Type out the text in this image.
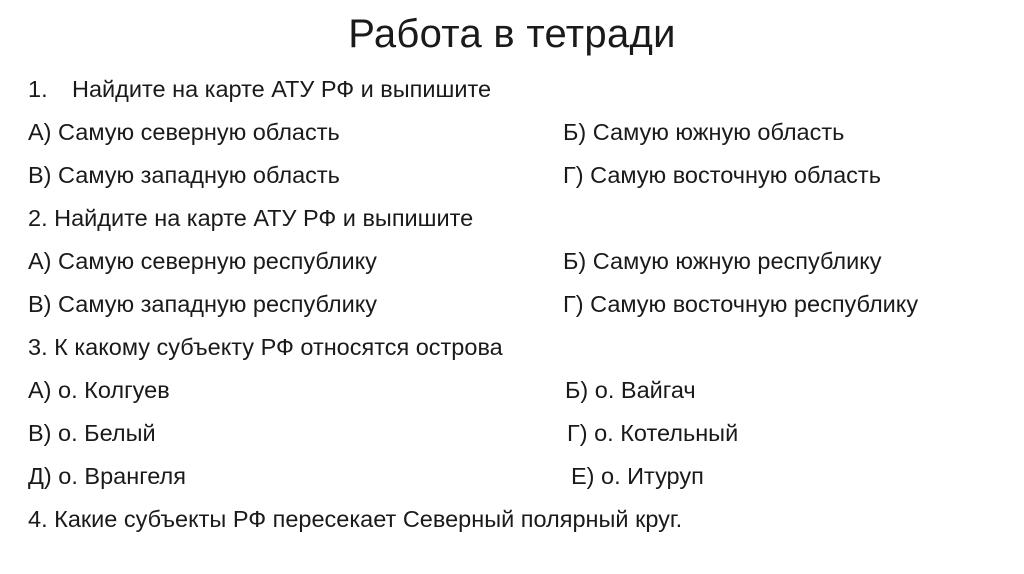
Работа в тетради
1. Найдите на карте АТУ РФ и выпишите
А) Самую северную область	Б) Самую южную область
В) Самую западную область	Г) Самую восточную область
2. Найдите на карте АТУ РФ и выпишите
А) Самую северную республику	Б) Самую южную республику
В) Самую западную республику	Г) Самую восточную республику
3. К какому субъекту РФ относятся острова
А) о. Колгуев	Б) о. Вайгач
В) о. Белый	Г) о. Котельный
Д) о. Врангеля	Е) о. Итуруп
4. Какие субъекты РФ пересекает Северный полярный круг.
